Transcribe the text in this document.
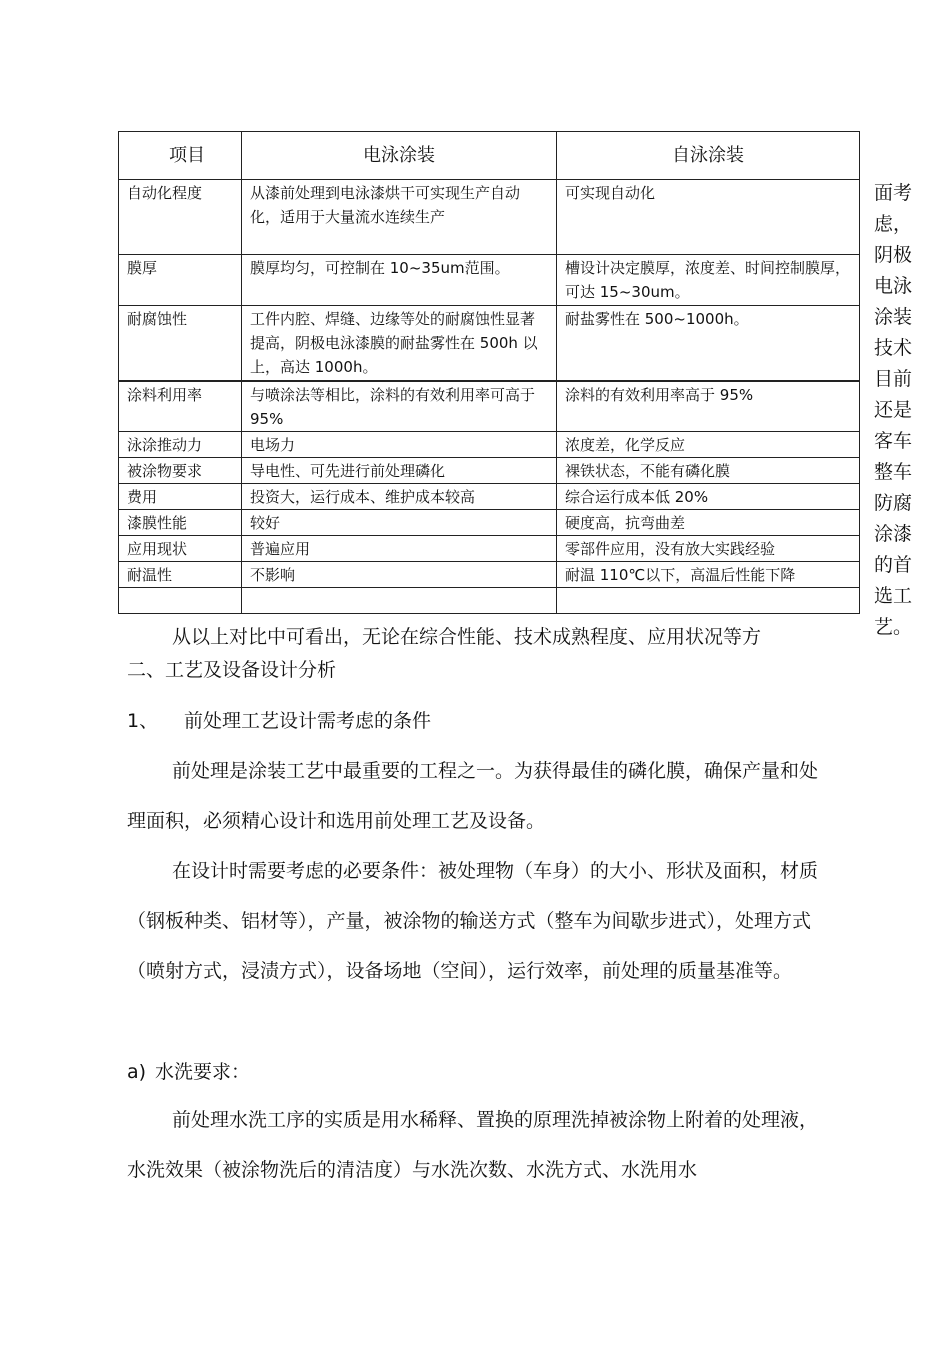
项目	电泳涂装	自泳涂装
自动化程度	从漆前处理到电泳漆烘干可实现生产自动化，适用于大量流水连续生产	可实现自动化
膜厚	膜厚均匀，可控制在 10~35um范围。	槽设计决定膜厚，浓度差、时间控制膜厚，可达 15~30um。
耐腐蚀性	工件内腔、焊缝、边缘等处的耐腐蚀性显著提高，阴极电泳漆膜的耐盐雾性在 500h 以上，高达 1000h。	耐盐雾性在 500~1000h。
涂料利用率	与喷涂法等相比，涂料的有效利用率可高于 95%	涂料的有效利用率高于 95%
泳涂推动力	电场力	浓度差，化学反应
被涂物要求	导电性、可先进行前处理磷化	裸铁状态，不能有磷化膜
费用	投资大，运行成本、维护成本较高	综合运行成本低 20%
漆膜性能	较好	硬度高，抗弯曲差
应用现状	普遍应用	零部件应用，没有放大实践经验
耐温性	不影响	耐温 110℃以下，高温后性能下降

面考虑，阴极电泳涂装技术目前还是客车整车防腐涂漆的首选工艺。
从以上对比中可看出，无论在综合性能、技术成熟程度、应用状况等方
二、工艺及设备设计分析
1、 前处理工艺设计需考虑的条件
前处理是涂装工艺中最重要的工程之一。为获得最佳的磷化膜，确保产量和处理面积，必须精心设计和选用前处理工艺及设备。
在设计时需要考虑的必要条件：被处理物（车身）的大小、形状及面积，材质（钢板种类、铝材等），产量，被涂物的输送方式（整车为间歇步进式），处理方式（喷射方式，浸渍方式），设备场地（空间），运行效率，前处理的质量基准等。
a) 水洗要求：
前处理水洗工序的实质是用水稀释、置换的原理洗掉被涂物上附着的处理液，水洗效果（被涂物洗后的清洁度）与水洗次数、水洗方式、水洗用水
